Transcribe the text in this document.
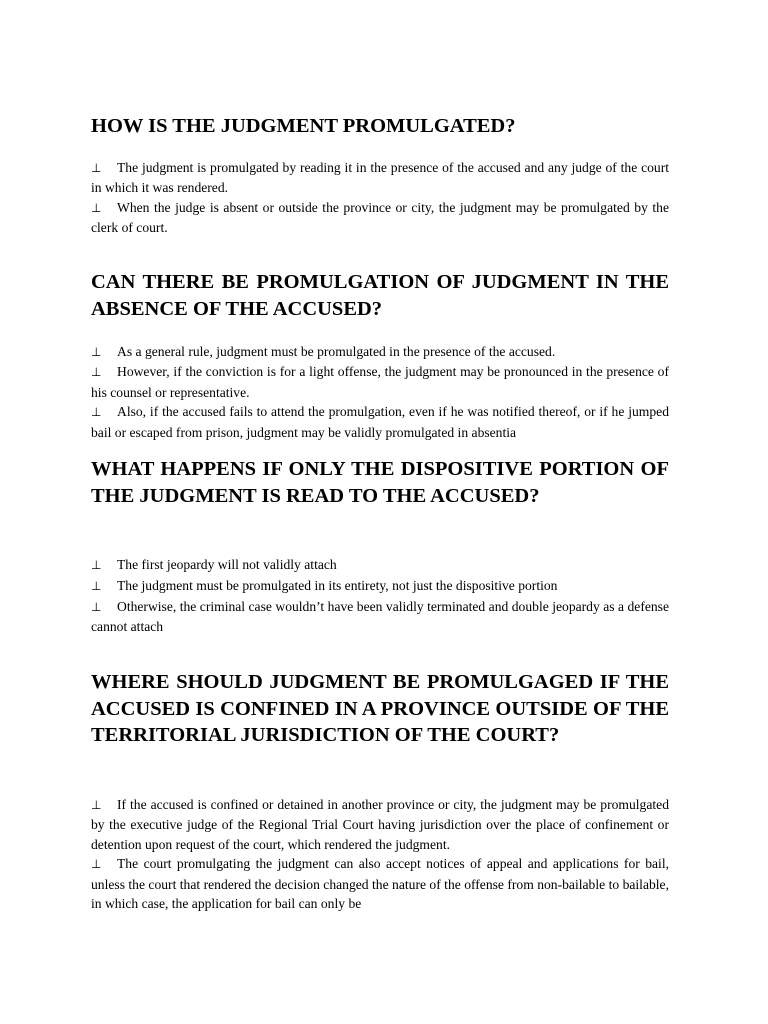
HOW IS THE JUDGMENT PROMULGATED?
⊥ The judgment is promulgated by reading it in the presence of the accused and any judge of the court in which it was rendered.
⊥ When the judge is absent or outside the province or city, the judgment may be promulgated by the clerk of court.
CAN THERE BE PROMULGATION OF JUDGMENT IN THE ABSENCE OF THE ACCUSED?
⊥ As a general rule, judgment must be promulgated in the presence of the accused.
⊥ However, if the conviction is for a light offense, the judgment may be pronounced in the presence of his counsel or representative.
⊥ Also, if the accused fails to attend the promulgation, even if he was notified thereof, or if he jumped bail or escaped from prison, judgment may be validly promulgated in absentia
WHAT HAPPENS IF ONLY THE DISPOSITIVE PORTION OF THE JUDGMENT IS READ TO THE ACCUSED?
⊥ The first jeopardy will not validly attach
⊥ The judgment must be promulgated in its entirety, not just the dispositive portion
⊥ Otherwise, the criminal case wouldn’t have been validly terminated and double jeopardy as a defense cannot attach
WHERE SHOULD JUDGMENT BE PROMULGAGED IF THE ACCUSED IS CONFINED IN A PROVINCE OUTSIDE OF THE TERRITORIAL JURISDICTION OF THE COURT?
⊥ If the accused is confined or detained in another province or city, the judgment may be promulgated by the executive judge of the Regional Trial Court having jurisdiction over the place of confinement or detention upon request of the court, which rendered the judgment.
⊥ The court promulgating the judgment can also accept notices of appeal and applications for bail, unless the court that rendered the decision changed the nature of the offense from non-bailable to bailable, in which case, the application for bail can only be
